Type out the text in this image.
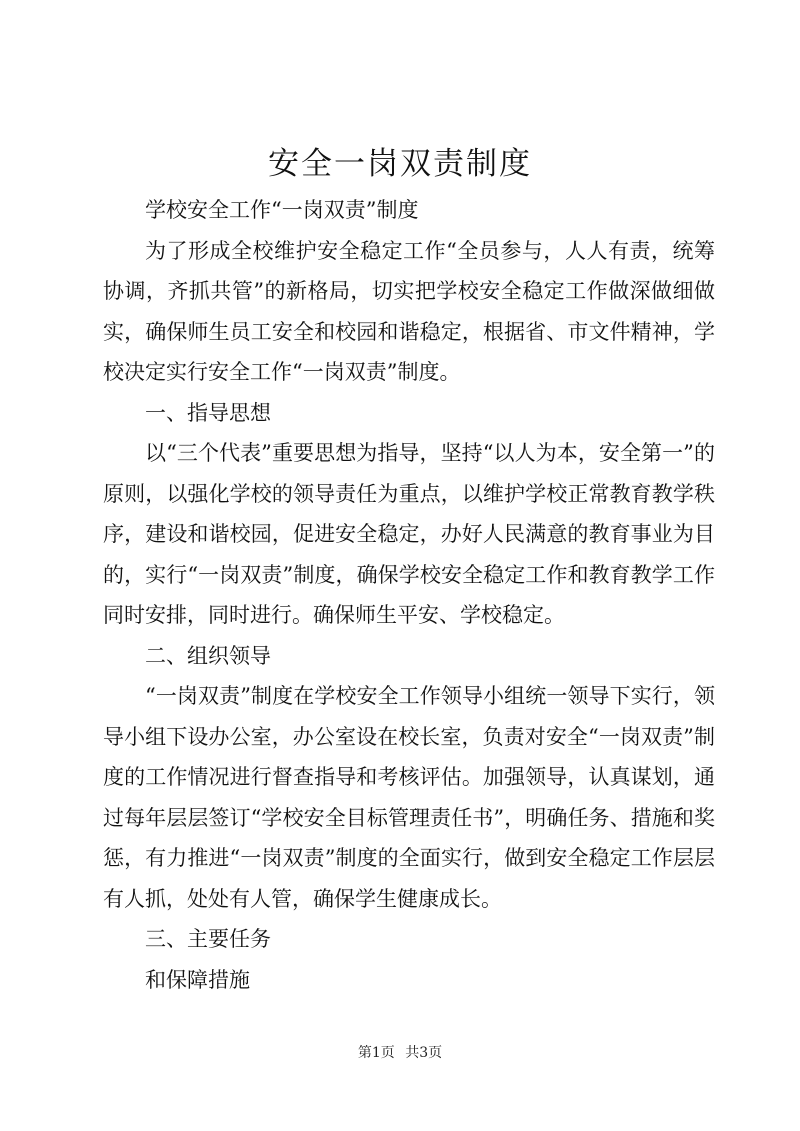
安全一岗双责制度

学校安全工作“一岗双责”制度

为了形成全校维护安全稳定工作“全员参与，人人有责，统筹协调，齐抓共管”的新格局，切实把学校安全稳定工作做深做细做实，确保师生员工安全和校园和谐稳定，根据省、市文件精神，学校决定实行安全工作“一岗双责”制度。

一、指导思想

以“三个代表”重要思想为指导，坚持“以人为本，安全第一”的原则，以强化学校的领导责任为重点，以维护学校正常教育教学秩序，建设和谐校园，促进安全稳定，办好人民满意的教育事业为目的，实行“一岗双责”制度，确保学校安全稳定工作和教育教学工作同时安排，同时进行。确保师生平安、学校稳定。

二、组织领导

“一岗双责”制度在学校安全工作领导小组统一领导下实行，领导小组下设办公室，办公室设在校长室，负责对安全“一岗双责”制度的工作情况进行督查指导和考核评估。加强领导，认真谋划，通过每年层层签订“学校安全目标管理责任书”，明确任务、措施和奖惩，有力推进“一岗双责”制度的全面实行，做到安全稳定工作层层有人抓，处处有人管，确保学生健康成长。

三、主要任务

和保障措施

第1页 共3页
